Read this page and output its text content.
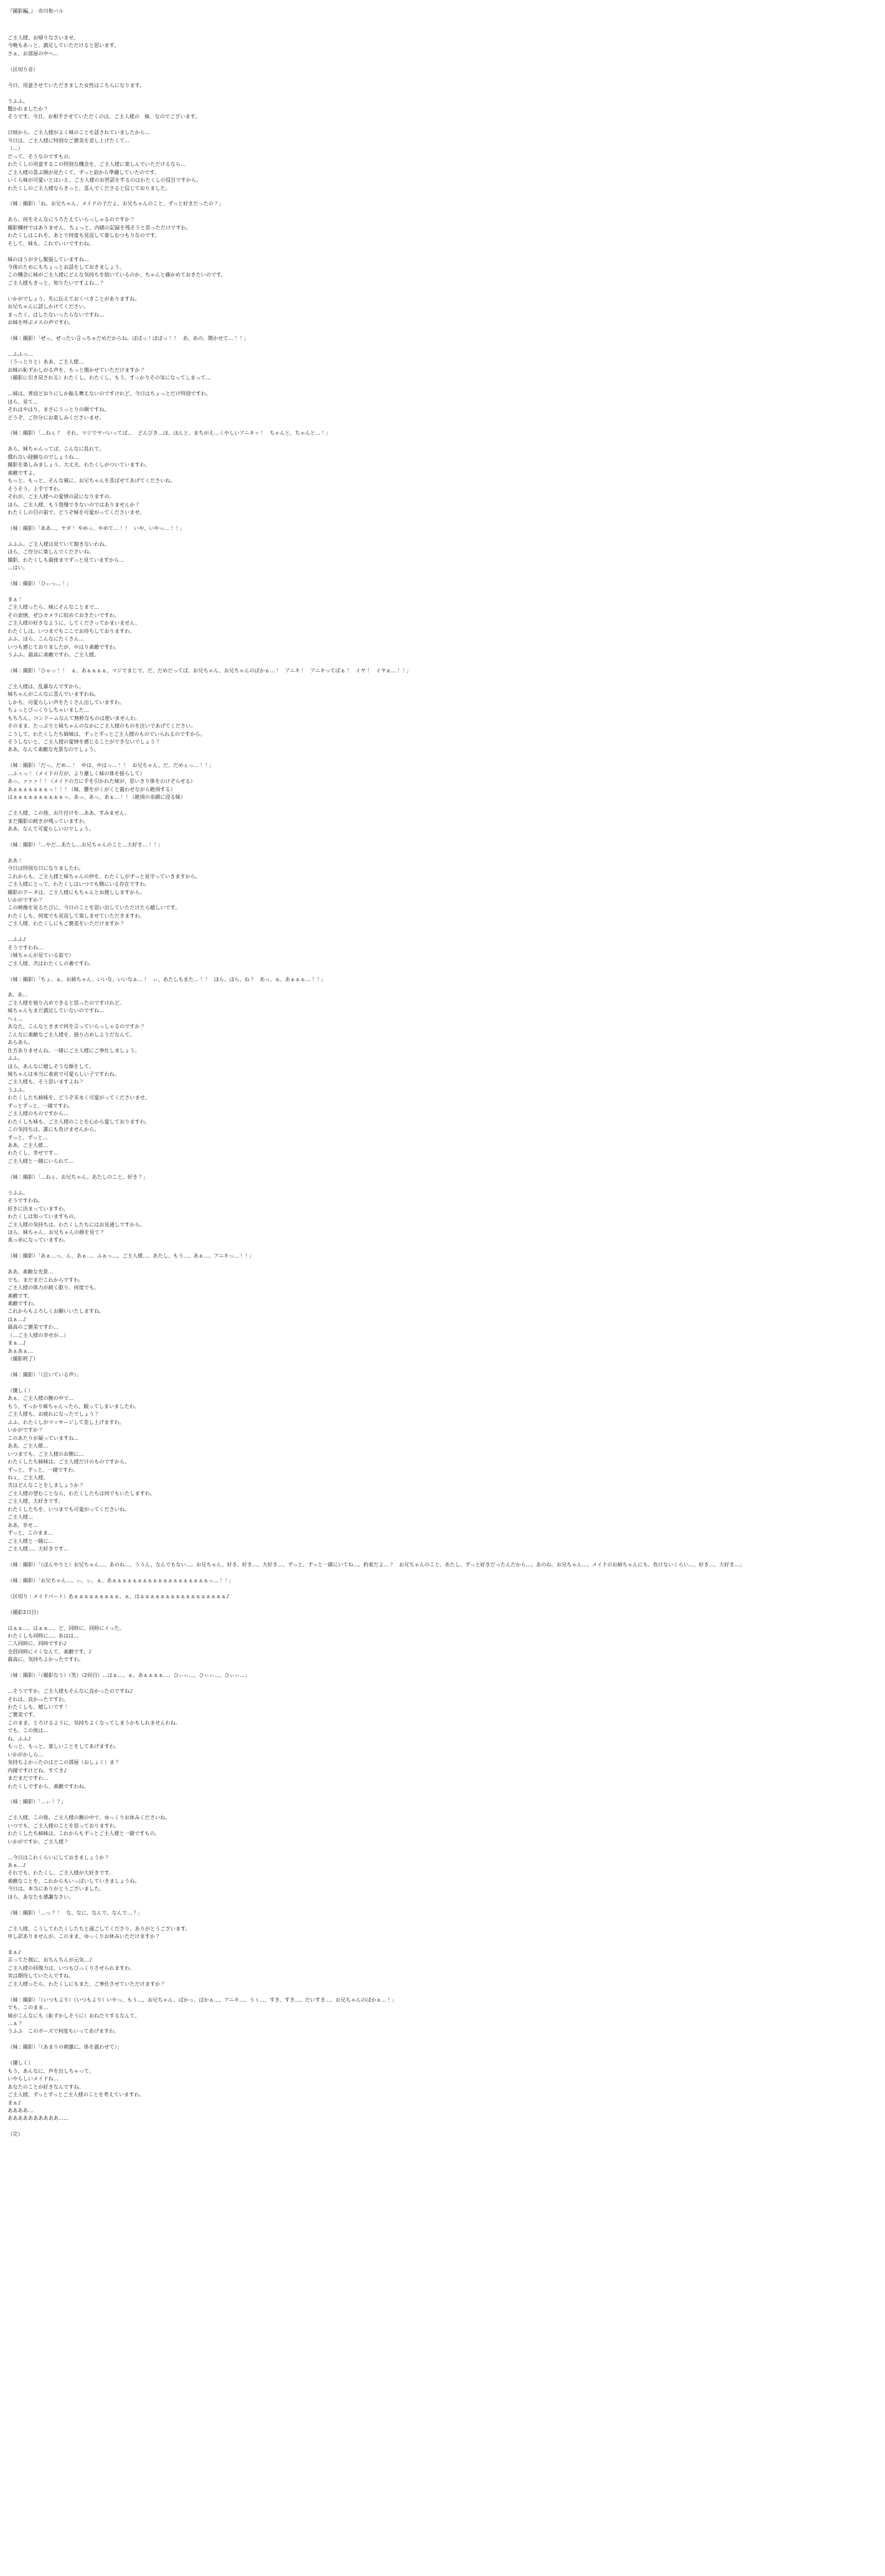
『撮影編。』　市川和バル
ご主人様、お帰りなさいませ。
今晩もあっと、満足していただけると思います。
さぁ、お部屋の中へ…
（区切り音）
今日、用意させていただきました女性はこちらになります。
うふふ。
驚かれましたか？
そうです。今日、お相手させていただくのは、ご主人様の　妹、なのでございます。
日頃から、ご主人様がよく妹のことを話されていましたから…
今日は、ご主人様に特別なご褒美を差し上げたくて…
（…）
だって、そうなのですもの。
わたくしの用意するこの特別な機会を、ご主人様に楽しんでいただけるなら…
ご主人様の喜ぶ顔が見たくて、ずっと前から準備していたのです。
いくら妹が可愛いとはいえ、ご主人様のお世話をするのはわたくしの役目ですから。
わたくしのご主人様ならきっと、喜んでくださると信じておりました。
（妹：撮影）「ね、お兄ちゃん。メイドの子だよ。お兄ちゃんのこと、ずっと好きだったの？」
あら、何をそんなにうろたえていらっしゃるのですか？
撮影機材ではありません、ちょっと、内緒の記録を残そうと思っただけですわ。
わたくしはこれを、あとで何度も見返して楽しむつもりなのです。
そして、妹も、これでいいですわね。
妹のほうが少し緊張していますね…
今後のためにもちょっとお話をしておきましょう。
この機会に妹がご主人様にどんな気持ちを抱いているのか、ちゃんと確かめておきたいのです。
ご主人様もきっと、知りたいですよね…？
いかがでしょう。先に伝えておくべきことがありますね。
お兄ちゃんに話しかけてください。
まったく、はしたないったらないですね…
お妹を呼ぶメスの声ですわ。
（妹：撮影）「ぜっ、ぜったい言っちゃだめだからね。ぱぱっ！ぱぱっ！！　あ、あの、聞かせて…！！」
…ふふっ…
（うっとりと）ああ、ご主人様…
お妹の恥ずかしがる声を、もっと聞かせていただけますか？
（撮影に引き戻される）わたくし、わたくし、もう、すっかりその気になってしまって…
…妹は、普段どおりにしか振る舞えないのですけれど。今日はちょっとだけ特別ですわ。
ほら、見て…
それはやはり、まさにうっとりの顔ですね。
どうぞ、ご存分にお楽しみくださいませ。
（妹：撮影）「…ねぇ？　それ、マジでヤバいってば…　どんびき…ほ、ほんと、まちがえ…くやしいアニキッ！　ちゃんと、ちゃんと…！」
あら、妹ちゃんってば、こんなに乱れて。
慣れない経験なのでしょうね…
撮影を楽しみましょう。大丈夫、わたくしがついていますわ。
素敵ですよ。
もっと、もっと、そんな風に、お兄ちゃんを喜ばせてあげてくださいね。
そうそう。上手ですわ。
それが、ご主人様への愛情の証になりますの。
ほら、ご主人様、もう我慢できないのではありませんか？
わたくしの目の前で、どうぞ妹を可愛がってくださいませ。
（妹：撮影）「ああ…、ヤダ！ やめっ、やめて…！！　いや、いやっ…！！」
ふふふ。ご主人様は見ていて飽きないわね。
ほら、ご存分に楽しんでくださいね。
撮影、わたくしも最後までずっと見ていますから…
…はい。
（妹：撮影）「ひぃっ…！」
まぁ！
ご主人様ったら、妹にそんなことまで…
その表情、ぜひカメラに収めておきたいですわ。
ご主人様の好きなように、してくださってかまいません。
わたくしは、いつまでもここでお待ちしておりますわ。
ふふ、ほら、こんなにたくさん…
いつも感じておりましたが、やはり素敵ですわ。
うふふ。最高に素敵ですわ。ご主人様。
（妹：撮影）「ひゃっ！！　ぁ、あぁぁぁぁ、マジでまじで、だ、だめだってば、お兄ちゃん、お兄ちゃんのばかぁ…！　アニキ！　アニキってばぁ！　イヤ！　イヤぁ…！！」
ご主人様は、乱暴なんですから。
妹ちゃんがこんなに喜んでいますわね。
しかも、可愛らしい声をたくさん出していますわ。
ちょっとびっくりしちゃいました…
もちろん、コンドームなんて無粋なものは使いませんわ。
そのまま、たっぷりと妹ちゃんのなかにご主人様のものを注いであげてください。
こうして、わたくしたち姉妹は、ずっとずっとご主人様のものでいられるのですから。
そうしないと、ご主人様の愛情を感じることができないでしょう？
ああ、なんて素敵な光景なのでしょう。
（妹：撮影）「だっ、だめ…！　中は、中はっ…！！　お兄ちゃん、だ、だめぇっ…！！」
…ふぅっ！（メイドの方が、より激しく妹の体を揺らして）
あっ、ァァァ！！（メイドの方に手を引かれた妹が、思いきり体をのけぞらせる）
あぁぁぁぁぁぁぁっ！！！（妹、腰をがくがくと震わせながら絶頂する）
はぁぁぁぁぁぁぁぁぁぁっ、あっ、あっ、あぁ…！！（絶頂の余韻に浸る妹）
ご主人様、この後、お片付けを…ああ、すみません。
まだ撮影の続きが残っていますわ。
ああ、なんて可愛らしいのでしょう。
（妹：撮影）「…やだ…あたし…お兄ちゃんのこと…大好き…！！」
ああ！
今日は特別な日になりましたわ。
これからも、ご主人様と妹ちゃんの仲を、わたくしがずっと見守っていきますから。
ご主人様にとって、わたくしはいつでも側にいる存在ですわ。
撮影のデータは、ご主人様にもちゃんとお渡ししますから。
いかがですか？
この映像を見るたびに、今日のことを思い出していただけたら嬉しいです。
わたくしも、何度でも見返して楽しませていただきますわ。
ご主人様、わたくしにもご褒美をいただけますか？
…ふふ♪
そうですわね…
（妹ちゃんが見ている前で）
ご主人様、次はわたくしの番ですわ。
（妹：撮影）「ちょ、ぁ、お姉ちゃん、いいな、いいなぁ…！　ぃ、あたしもまた…！！　ほら、ほら、ね？　あっ、ぁ、あぁぁぁ…！！」
あ、あ…
ご主人様を独り占めできると思ったのですけれど。
妹ちゃんもまだ満足していないのですね…
へぇ…
あなた、こんなときまで何を言っていらっしゃるのですか？
こんなに素敵なご主人様を、独り占めしようだなんて。
あらあら。
仕方ありませんね。一緒にご主人様にご奉仕しましょう。
ふふ。
ほら、あんなに嬉しそうな顔をして。
妹ちゃんは本当に素直で可愛らしい子ですわね。
ご主人様も、そう思いますよね？
うふふ。
わたくしたち姉妹を、どうぞ末永く可愛がってくださいませ。
ずっとずっと、一緒ですわ。
ご主人様のものですから…
わたくしも妹も、ご主人様のことを心から愛しておりますわ。
この気持ちは、誰にも負けませんから。
ずっと、ずっと…
ああ、ご主人様…
わたくし、幸せです…
ご主人様と一緒にいられて…
（妹：撮影）「…ねぇ、お兄ちゃん。あたしのこと、好き？」
うふふ。
そうですわね。
好きに決まっていますわ。
わたくしは知っていますもの。
ご主人様の気持ちは、わたくしたちにはお見通しですから。
ほら、妹ちゃん、お兄ちゃんの顔を見て？
真っ赤になっていますわ。
（妹：撮影）「あぁ…っ、ん、あぁ…、ふぁっ…、ご主人様…、あたし、もう…、あぁ…、アニキっ…！！」
ああ、素敵な光景…
でも、まだまだこれからですわ。
ご主人様の体力が続く限り、何度でも。
素敵です。
素敵ですわ。
これからもよろしくお願いいたしますね。
はぁ…♪
最高のご褒美ですわ…
（…ご主人様の幸せが…）
まぁ…♪
あぁあぁ…
（撮影終了）
（妹：撮影）「（泣いている声）」
（優しく）
あぁ、ご主人様の腕の中で…
もう、すっかり妹ちゃんったら、眠ってしまいましたわ。
ご主人様も、お疲れになったでしょう？
ふふ、わたくしがマッサージして差し上げますわ。
いかがですか？
このあたりが凝っていますね…
ああ、ご主人様…
いつまでも、ご主人様のお側に…
わたくしたち姉妹は、ご主人様だけのものですから。
ずっと、ずっと、一緒ですわ。
ねぇ、ご主人様。
次はどんなことをしましょうか？
ご主人様の望むことなら、わたくしたちは何でもいたしますわ。
ご主人様、大好きです。
わたくしたちを、いつまでも可愛がってくださいね。
ご主人様…
ああ、幸せ…
ずっと、このまま…
ご主人様と一緒に…
ご主人様…、大好きです…
（妹：撮影）「（ぼんやりと）お兄ちゃん…、あのね…、ううん、なんでもない…。お兄ちゃん、好き、好き…、大好き…、ずっと、ずっと一緒にいてね…。約束だよ…？　お兄ちゃんのこと、あたし、ずっと好きだったんだから…。あのね、お兄ちゃん…、メイドのお姉ちゃんにも、負けないくらい…、好き…、大好き…」
（妹：撮影）「お兄ちゃん…、ぃ、ぃ、ぁ、あぁぁぁぁぁぁぁぁぁぁぁぁぁぁぁぁぁぁぁっ…！！」
（区切り：メイドパート）あぁぁぁぁぁぁぁぁぁ、ぁ、はぁぁぁぁぁぁぁぁぁぁぁぁぁぁぁぁぁ♪
（撮影2日目）
はぁぁ…、はぁぁ…、ど、同時に、同時にイった。
わたくしも同時に…、あはは…
二人同時に、同時ですわ♪
全員同時にイくなんて、素敵です。♪
最高に、気持ちよかったですわ。
（妹：撮影）「（撮影なう）（笑）（2回目）…はぁ…、ぁ、あぁぁぁぁ…、ひぃぃ…、ひぃぃ…、ひぃぃ…」
…そうですか。ご主人様もそんなに良かったのですね♪
それは、良かったですわ。
わたくしも、嬉しいです！
ご褒美です。
このまま、とろけるように、気持ちよくなってしまうかもしれませんわね。
でも、この後は…
ね、ふふ♪
もっと、もっと、楽しいことをしてあげますわ。
いかがかしら…
気持ちよかったのはどこの部屋（おしょく）ま？
内緒ですけどね、すてき♪
まだまだですわ…
わたくしですから、素敵ですわね。
（妹：撮影）「…ぃ！？」
ご主人様、この後、ご主人様の腕の中で、ゆっくりお休みくださいね。
いつでも、ご主人様のことを思っておりますわ。
わたくしたち姉妹は、これからもずっとご主人様と一緒ですもの。
いかがですか、ご主人様？
…今日はこれくらいにしておきましょうか？
あぁ…♪
それでも、わたくし、ご主人様が大好きです。
素敵なことを、これからもいっぱいしていきましょうね。
今日は、本当にありがとうございました。
ほら、あなたも感謝なさい。
（妹：撮影）「…っ？！　な、なに、なんで、なんで…？」
ご主人様、こうしてわたくしたちと過ごしてくださり、ありがとうございます。
申し訳ありませんが、このまま、ゆっくりお休みいただけますか？
まぁ♪
言ってた割に、おちんちんが元気…♪
ご主人様の回復力は、いつもびっくりさせられますわ。
実は期待していたんですね。
ご主人様ったら、わたくしにもまた、ご奉仕させていただけますか？
（妹：撮影）「（いつもより）（いつもより）いやっ、もう…、お兄ちゃん、ばかっ、ばかぁ…、アニキ…、うぅ…、すき、すき…、だいすき…、お兄ちゃんのばかぁ…！」
でも、このまま…
妹がこんなにも（恥ずかしそうに）おねだりするなんて。
…ぁ？
うふふ　このポーズで何度もいってあげますわ。
（妹：撮影）「（あまりの刺激に、体を震わせて）」
（優しく）
もう、あんなに、声を出しちゃって。
いやらしいメイドね…
あなたのことが好きなんですね。
ご主人様、ずっとずっとご主人様のことを考えていますわ。
まぁ♪
ああああ…
ああああああああああ……
（完）
